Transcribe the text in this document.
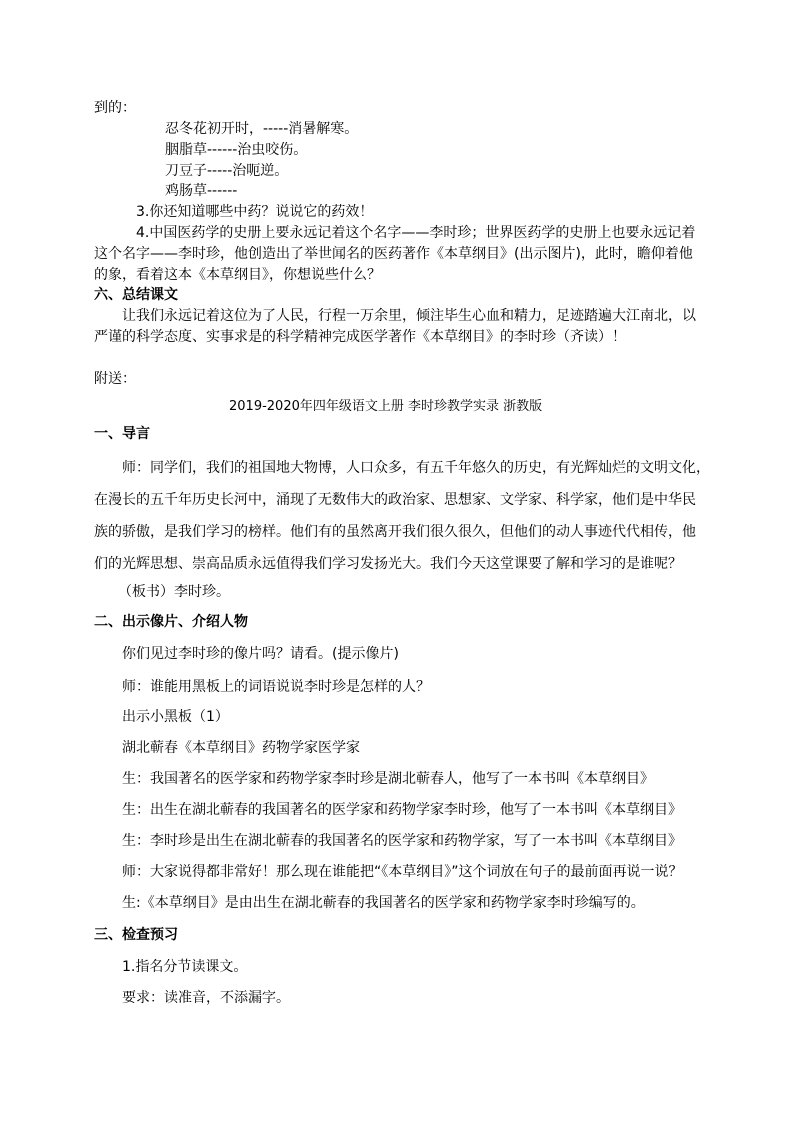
到的：
忍冬花初开时，-----消暑解寒。
胭脂草------治虫咬伤。
刀豆子-----治呃逆。
鸡肠草------
3.你还知道哪些中药？说说它的药效！
4.中国医药学的史册上要永远记着这个名字——李时珍；世界医药学的史册上也要永远记着
这个名字——李时珍，他创造出了举世闻名的医药著作《本草纲目》(出示图片)，此时，瞻仰着他
的象，看着这本《本草纲目》，你想说些什么？
六、总结课文
让我们永远记着这位为了人民，行程一万余里，倾注毕生心血和精力，足迹踏遍大江南北，以
严谨的科学态度、实事求是的科学精神完成医学著作《本草纲目》的李时珍（齐读）！
附送：
2019-2020年四年级语文上册 李时珍教学实录 浙教版
一、导言
师：同学们，我们的祖国地大物博，人口众多，有五千年悠久的历史，有光辉灿烂的文明文化，
在漫长的五千年历史长河中，涌现了无数伟大的政治家、思想家、文学家、科学家，他们是中华民
族的骄傲，是我们学习的榜样。他们有的虽然离开我们很久很久，但他们的动人事迹代代相传，他
们的光辉思想、崇高品质永远值得我们学习发扬光大。我们今天这堂课要了解和学习的是谁呢？
（板书）李时珍。
二、出示像片、介绍人物
你们见过李时珍的像片吗？请看。(提示像片)
师：谁能用黑板上的词语说说李时珍是怎样的人？
出示小黑板（1）
湖北蕲春《本草纲目》药物学家医学家
生：我国著名的医学家和药物学家李时珍是湖北蕲春人，他写了一本书叫《本草纲目》
生：出生在湖北蕲春的我国著名的医学家和药物学家李时珍，他写了一本书叫《本草纲目》
生：李时珍是出生在湖北蕲春的我国著名的医学家和药物学家，写了一本书叫《本草纲目》
师：大家说得都非常好！那么现在谁能把“《本草纲目》”这个词放在句子的最前面再说一说？
生:《本草纲目》是由出生在湖北蕲春的我国著名的医学家和药物学家李时珍编写的。
三、检查预习
1.指名分节读课文。
要求：读准音，不添漏字。
